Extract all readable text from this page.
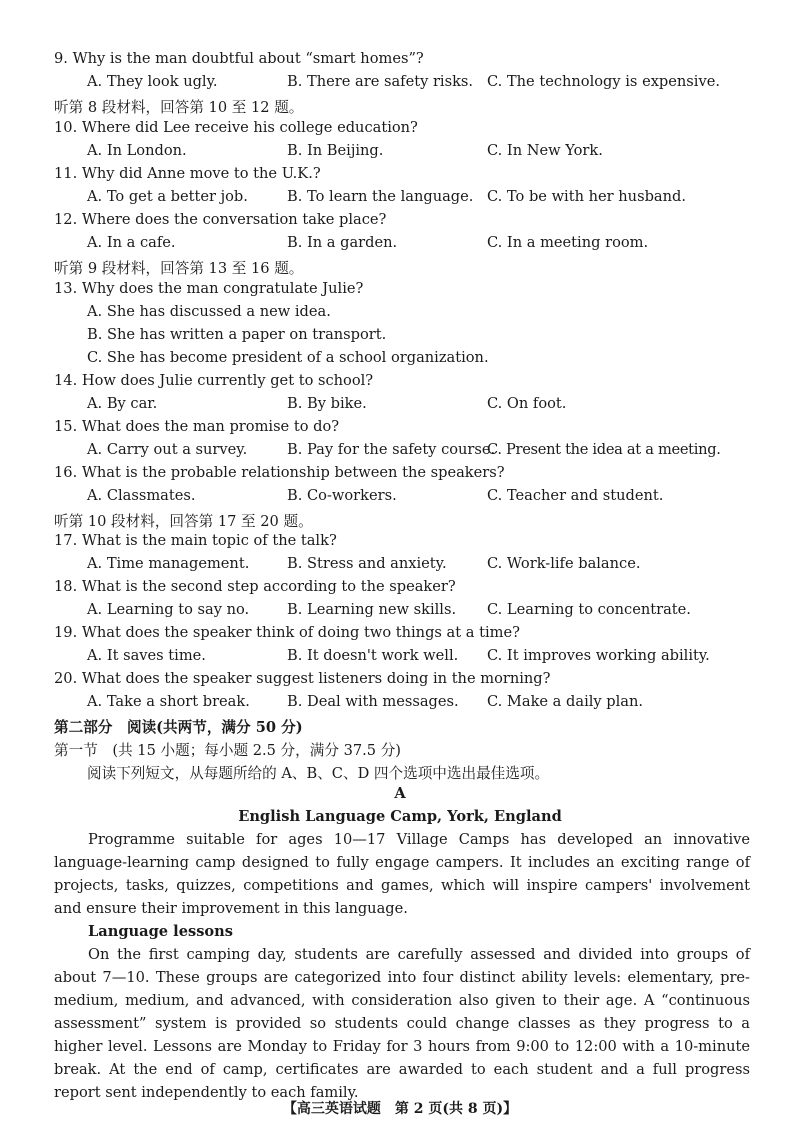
9. Why is the man doubtful about “smart homes”?
A. They look ugly.	B. There are safety risks. C. The technology is expensive.
听第 8 段材料，回答第 10 至 12 题。
10. Where did Lee receive his college education?
A. In London.	B. In Beijing.	C. In New York.
11. Why did Anne move to the U.K.?
A. To get a better job.	B. To learn the language. C. To be with her husband.
12. Where does the conversation take place?
A. In a cafe.	B. In a garden.	C. In a meeting room.
听第 9 段材料，回答第 13 至 16 题。
13. Why does the man congratulate Julie?
A. She has discussed a new idea.
B. She has written a paper on transport.
C. She has become president of a school organization.
14. How does Julie currently get to school?
A. By car.	B. By bike.	C. On foot.
15. What does the man promise to do?
A. Carry out a survey.	B. Pay for the safety course.
C. Present the idea at a meeting.
16. What is the probable relationship between the speakers?
A. Classmates.	B. Co-workers.	C. Teacher and student.
听第 10 段材料，回答第 17 至 20 题。
17. What is the main topic of the talk?
A. Time management.	B. Stress and anxiety.	C. Work-life balance.
18. What is the second step according to the speaker?
A. Learning to say no.	B. Learning new skills. C. Learning to concentrate.
19. What does the speaker think of doing two things at a time?
A. It saves time.	B. It doesn't work well. C. It improves working ability.
20. What does the speaker suggest listeners doing in the morning?
A. Take a short break.	B. Deal with messages. C. Make a daily plan.
第二部分　阅读(共两节，满分 50 分)
第一节　(共 15 小题；每小题 2.5 分，满分 37.5 分)
阅读下列短文，从每题所给的 A、B、C、D 四个选项中选出最佳选项。
A
English Language Camp, York, England

Programme suitable for ages 10—17 Village Camps has developed an innovative language-learning camp designed to fully engage campers. It includes an exciting range of projects, tasks, quizzes, competitions and games, which will inspire campers' involvement and ensure their improvement in this language.

Language lessons

On the first camping day, students are carefully assessed and divided into groups of about 7—10. These groups are categorized into four distinct ability levels: elementary, pre-medium, medium, and advanced, with consideration also given to their age. A “continuous assessment” system is provided so students could change classes as they progress to a higher level. Lessons are Monday to Friday for 3 hours from 9:00 to 12:00 with a 10-minute break. At the end of camp, certificates are awarded to each student and a full progress report sent independently to each family.

【高三英语试题　第 2 页(共 8 页)】
